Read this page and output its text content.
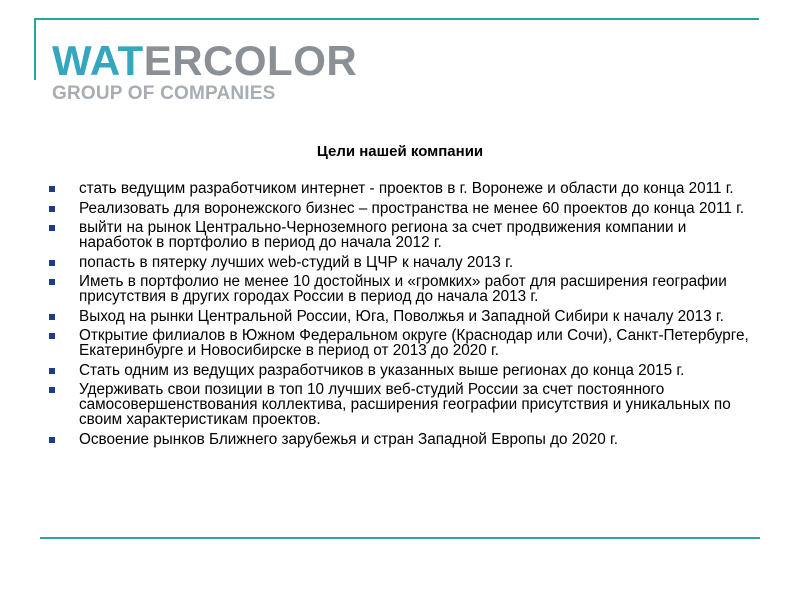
WATERCOLOR
GROUP OF COMPANIES
Цели нашей компании
стать ведущим разработчиком интернет - проектов в г. Воронеже и области до конца 2011 г.
Реализовать для воронежского бизнес – пространства не менее 60 проектов до конца 2011 г.
выйти на рынок Центрально-Черноземного региона за счет продвижения компании и наработок в портфолио в период до начала 2012 г.
попасть в пятерку лучших web-студий в ЦЧР к началу 2013 г.
Иметь в портфолио не менее 10 достойных и «громких» работ для расширения географии присутствия в других городах России в период до начала 2013 г.
Выход на рынки Центральной России, Юга, Поволжья и Западной Сибири к началу 2013 г.
Открытие филиалов в Южном Федеральном округе (Краснодар или Сочи), Санкт-Петербурге, Екатеринбурге и Новосибирске в период от 2013 до 2020 г.
Стать одним из ведущих разработчиков в указанных выше регионах до конца 2015 г.
Удерживать свои позиции в топ 10 лучших веб-студий России за счет постоянного самосовершенствования коллектива, расширения географии присутствия и уникальных по своим характеристикам проектов.
Освоение рынков Ближнего зарубежья и стран Западной Европы до 2020 г.
